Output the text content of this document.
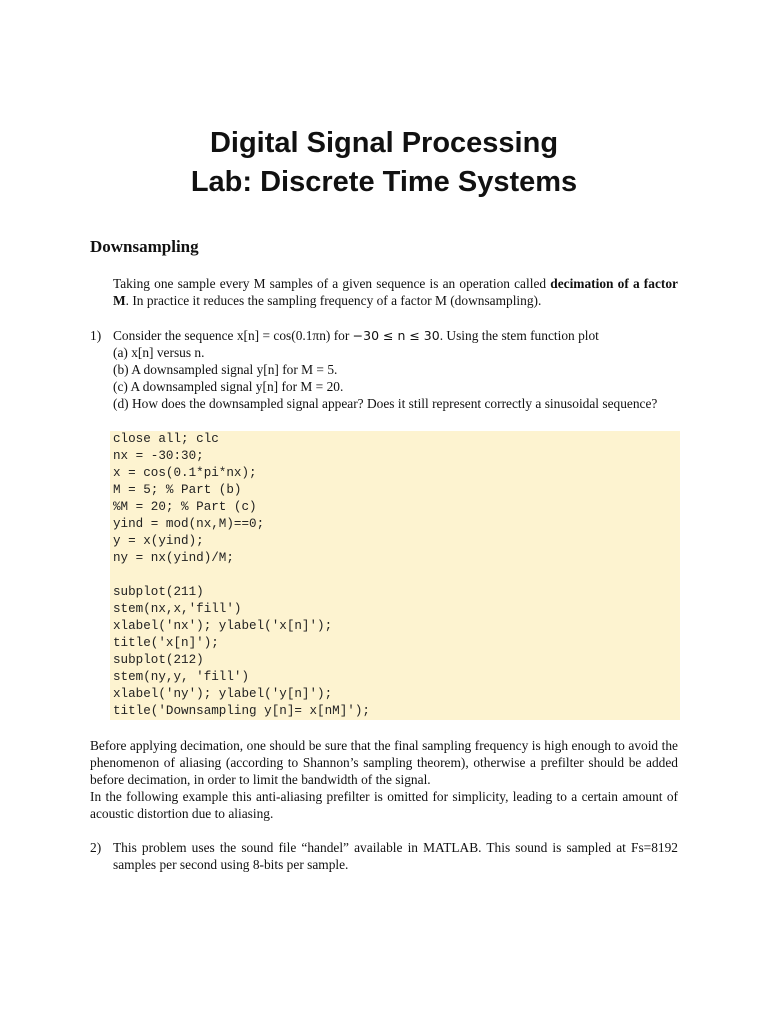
Digital Signal Processing
Lab: Discrete Time Systems
Downsampling

Taking one sample every M samples of a given sequence is an operation called decimation of a factor M. In practice it reduces the sampling frequency of a factor M (downsampling).

1) Consider the sequence x[n] = cos(0.1πn) for −30 ≤ n ≤ 30. Using the stem function plot
(a) x[n] versus n.
(b) A downsampled signal y[n] for M = 5.
(c) A downsampled signal y[n] for M = 20.
(d) How does the downsampled signal appear? Does it still represent correctly a sinusoidal sequence?
close all; clc
nx = -30:30;
x = cos(0.1*pi*nx);
M = 5; % Part (b)
%M = 20; % Part (c)
yind = mod(nx,M)==0;
y = x(yind);
ny = nx(yind)/M;
subplot(211)
stem(nx,x,'fill')
xlabel('nx'); ylabel('x[n]');
title('x[n]');
subplot(212)
stem(ny,y, 'fill')
xlabel('ny'); ylabel('y[n]');
title('Downsampling y[n]= x[nM]');

Before applying decimation, one should be sure that the final sampling frequency is high enough to avoid the phenomenon of aliasing (according to Shannon’s sampling theorem), otherwise a prefilter should be added before decimation, in order to limit the bandwidth of the signal.

In the following example this anti-aliasing prefilter is omitted for simplicity, leading to a certain amount of acoustic distortion due to aliasing.

2) This problem uses the sound file “handel” available in MATLAB. This sound is sampled at Fs=8192 samples per second using 8-bits per sample.
